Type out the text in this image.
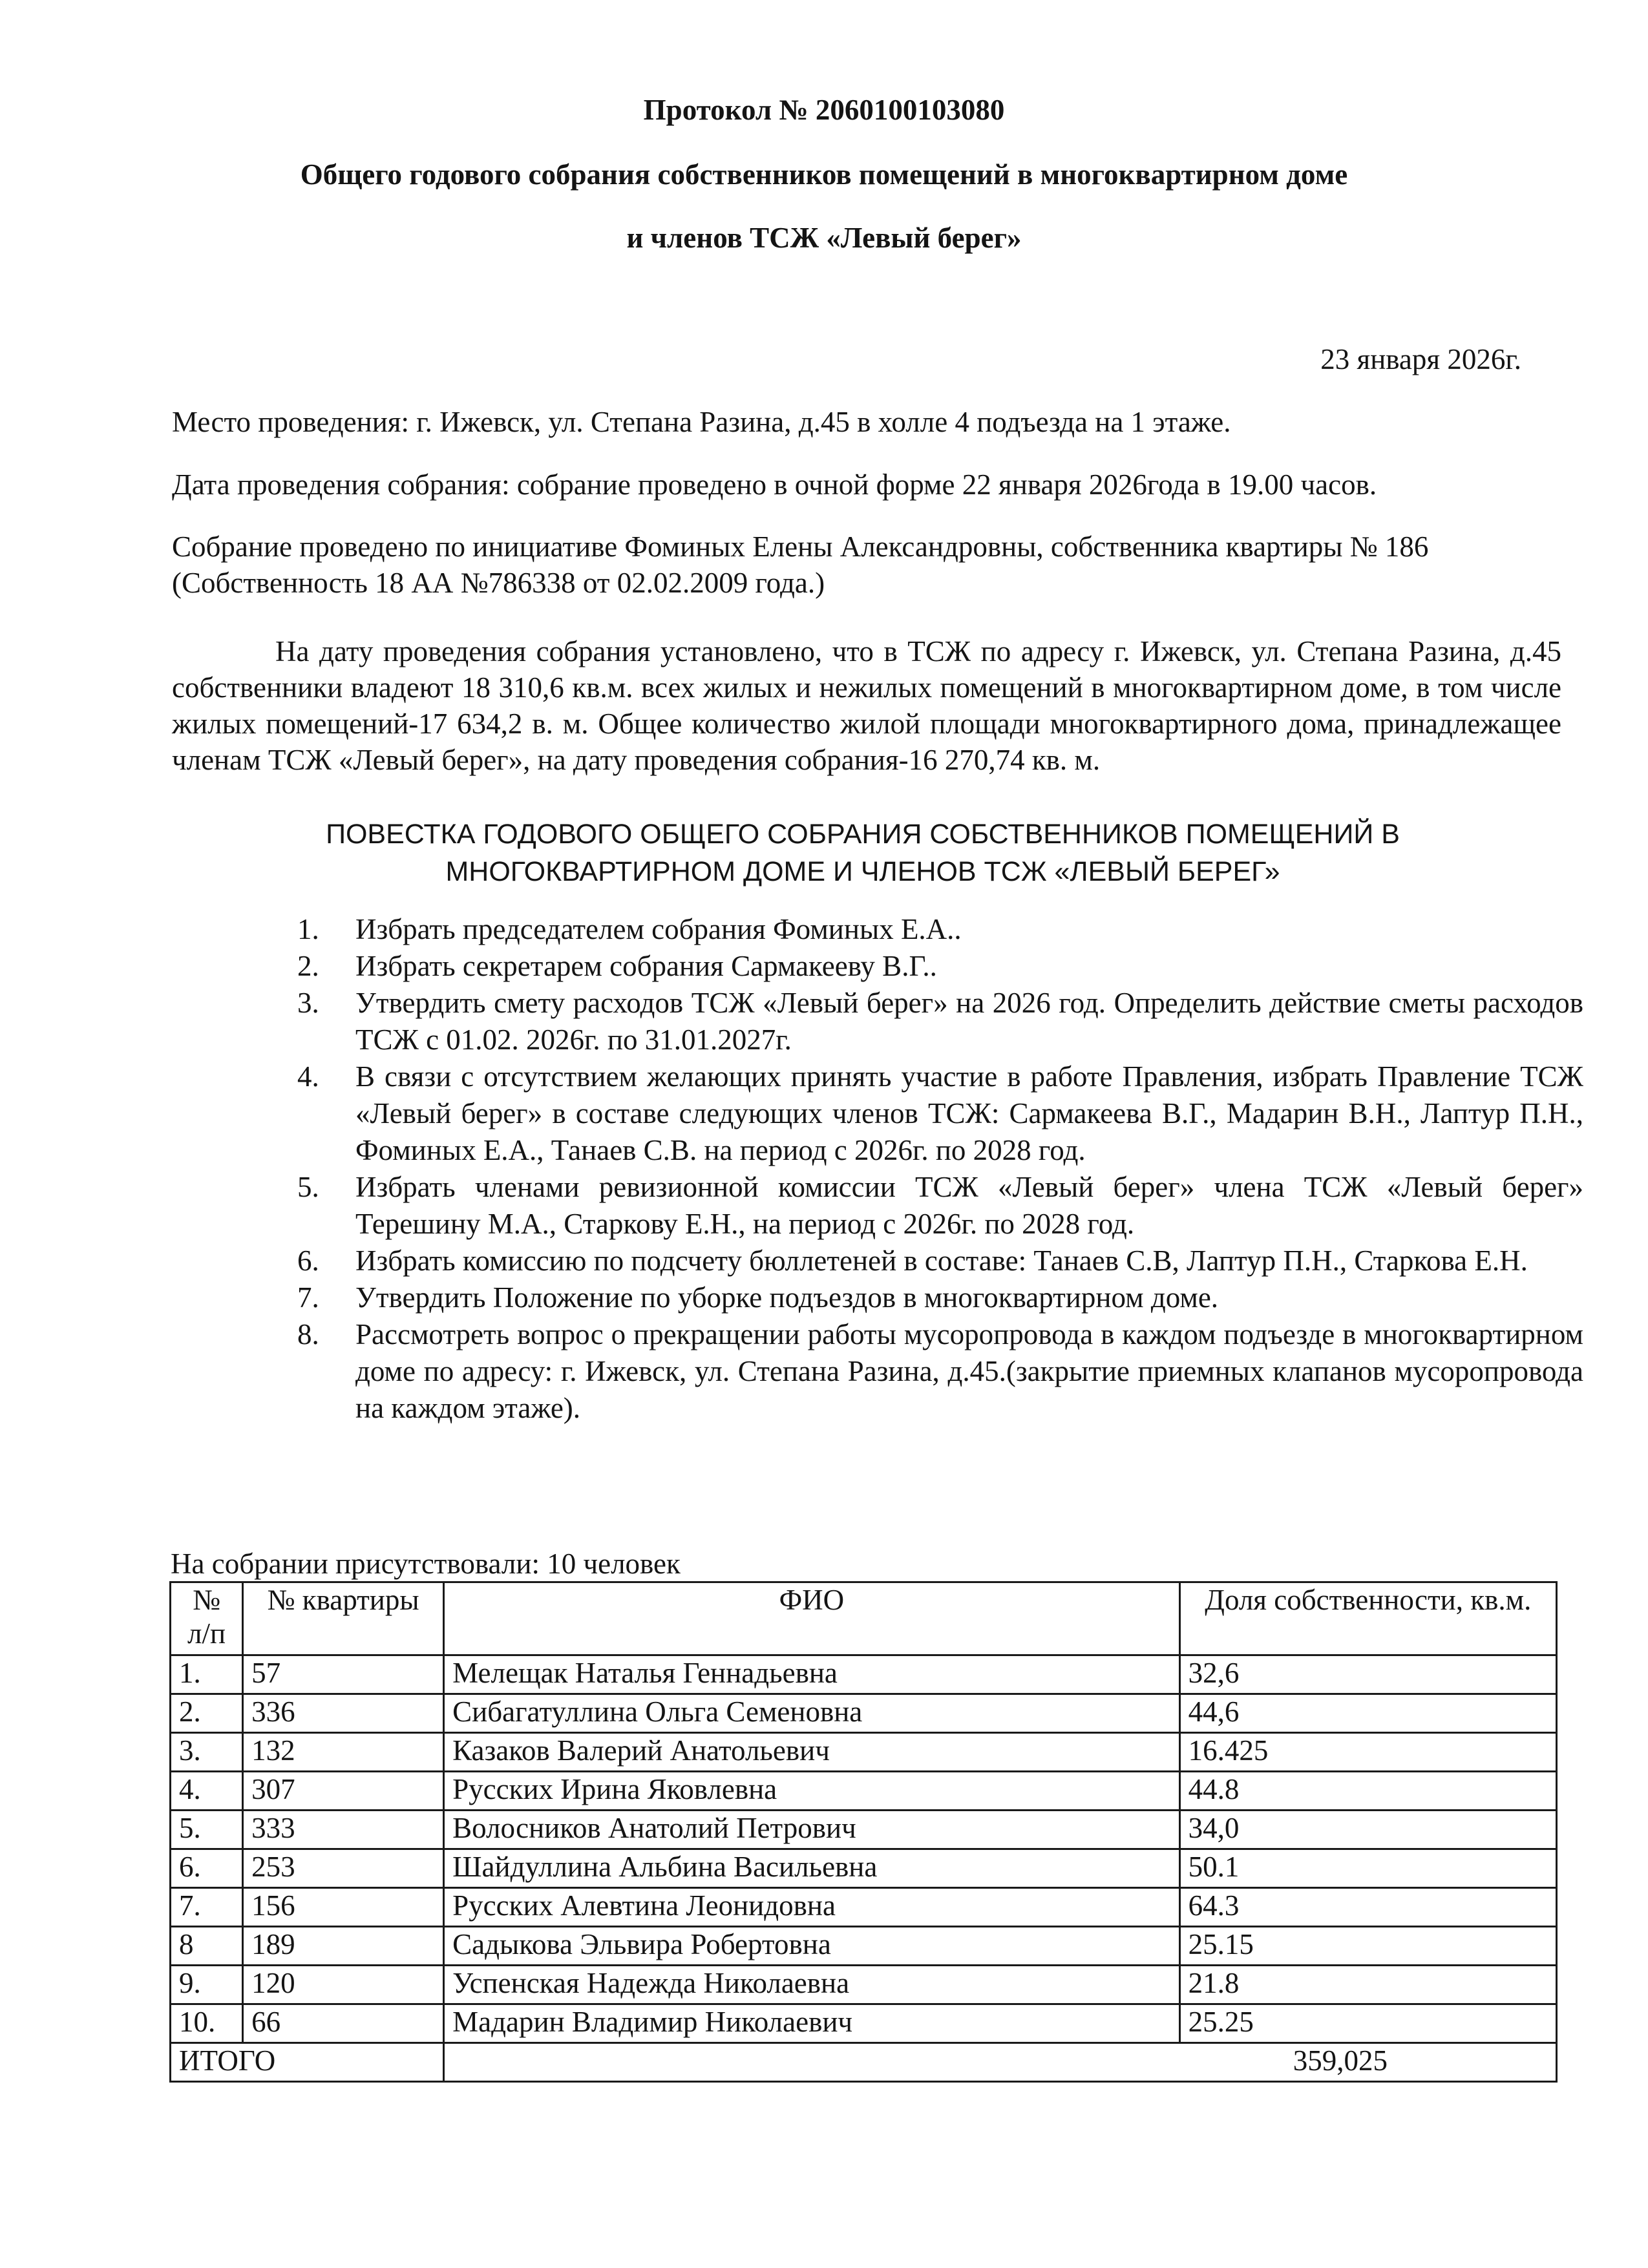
Протокол № 2060100103080
Общего годового собрания собственников помещений в многоквартирном доме
и членов ТСЖ «Левый берег»
23 января 2026г.
Место проведения: г. Ижевск, ул. Степана Разина, д.45 в холле 4 подъезда на 1 этаже.
Дата проведения собрания: собрание проведено в очной форме 22 января 2026года в 19.00 часов.
Собрание проведено по инициативе Фоминых Елены Александровны, собственника квартиры № 186 (Собственность 18 АА №786338 от 02.02.2009 года.)
На дату проведения собрания установлено, что в ТСЖ по адресу г. Ижевск, ул. Степана Разина, д.45 собственники владеют 18 310,6 кв.м. всех жилых и нежилых помещений в многоквартирном доме, в том числе жилых помещений-17 634,2 в. м. Общее количество жилой площади многоквартирного дома, принадлежащее членам ТСЖ «Левый берег», на дату проведения собрания-16 270,74 кв. м.
ПОВЕСТКА ГОДОВОГО ОБЩЕГО СОБРАНИЯ СОБСТВЕННИКОВ ПОМЕЩЕНИЙ В
МНОГОКВАРТИРНОМ ДОМЕ И ЧЛЕНОВ ТСЖ «ЛЕВЫЙ БЕРЕГ»
1.	Избрать председателем собрания Фоминых Е.А..
2.	Избрать секретарем собрания Сармакееву В.Г..
3.	Утвердить смету расходов ТСЖ «Левый берег» на 2026 год. Определить действие сметы расходов ТСЖ с 01.02. 2026г. по 31.01.2027г.
4.	В связи с отсутствием желающих принять участие в работе Правления, избрать Правление ТСЖ «Левый берег» в составе следующих членов ТСЖ: Сармакеева В.Г., Мадарин В.Н., Лаптур П.Н., Фоминых Е.А., Танаев С.В. на период с 2026г. по 2028 год.
5.	Избрать членами ревизионной комиссии ТСЖ «Левый берег» члена ТСЖ «Левый берег» Терешину М.А., Старкову Е.Н., на период с 2026г. по 2028 год.
6.	Избрать комиссию по подсчету бюллетеней в составе: Танаев С.В, Лаптур П.Н., Старкова Е.Н.
7.	Утвердить Положение по уборке подъездов в многоквартирном доме.
8.	Рассмотреть вопрос о прекращении работы мусоропровода в каждом подъезде в многоквартирном доме по адресу: г. Ижевск, ул. Степана Разина, д.45.(закрытие приемных клапанов мусоропровода на каждом этаже).
На собрании присутствовали: 10 человек
№ л/п	№ квартиры	ФИО	Доля собственности, кв.м.
1.	57	Мелещак Наталья Геннадьевна	32,6
2.	336	Сибагатуллина Ольга Семеновна	44,6
3.	132	Казаков Валерий Анатольевич	16.425
4.	307	Русских Ирина Яковлевна	44.8
5.	333	Волосников Анатолий Петрович	34,0
6.	253	Шайдуллина Альбина Васильевна	50.1
7.	156	Русских Алевтина Леонидовна	64.3
8	189	Садыкова Эльвира Робертовна	25.15
9.	120	Успенская Надежда Николаевна	21.8
10.	66	Мадарин Владимир Николаевич	25.25
ИТОГО		359,025	
